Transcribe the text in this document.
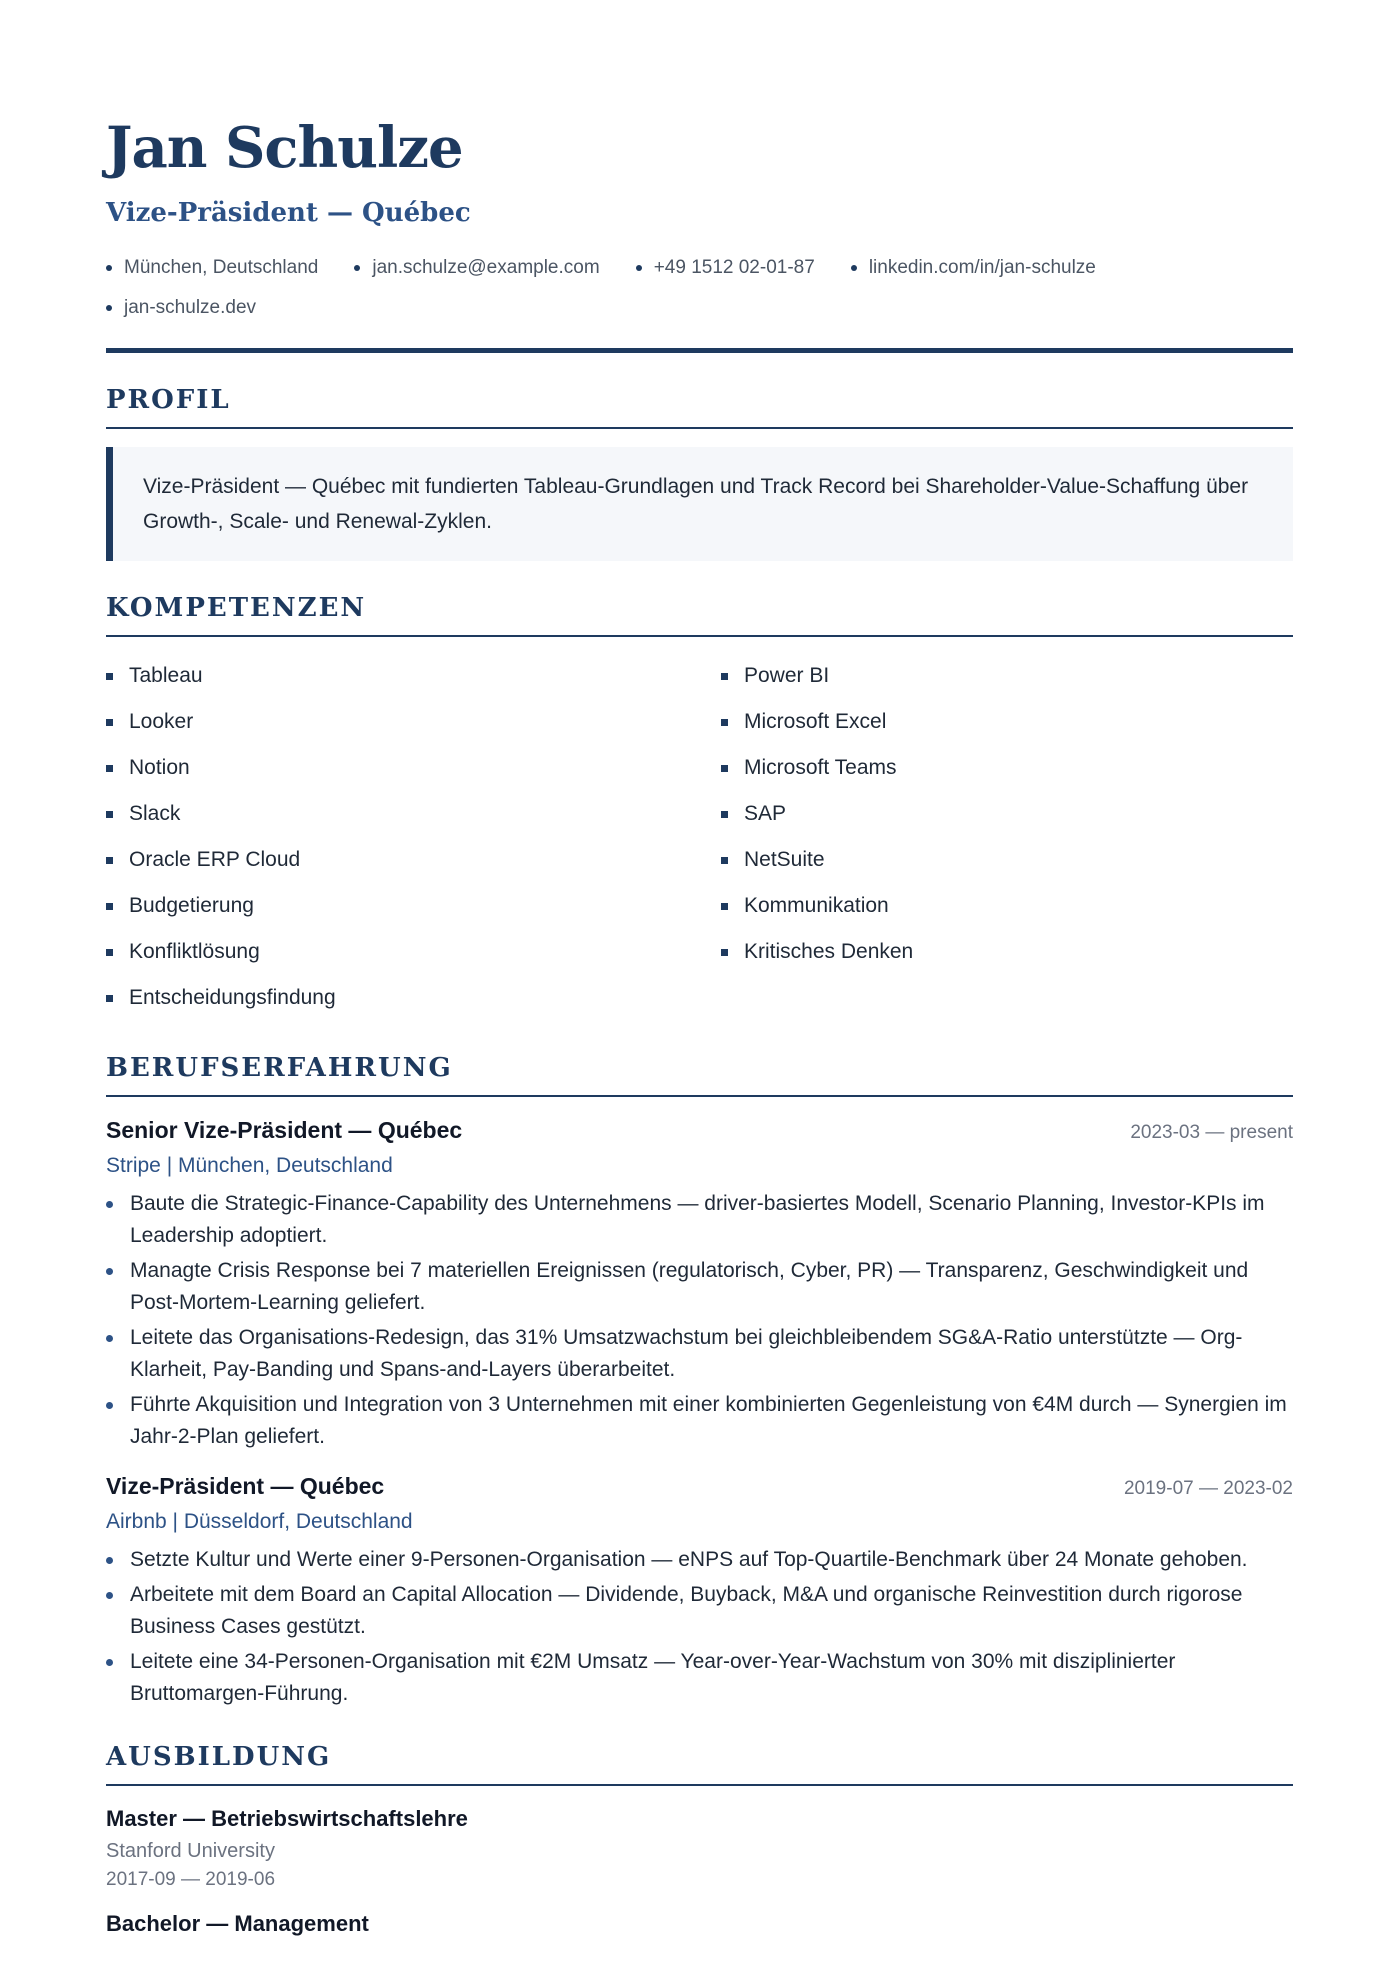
Jan Schulze
Vize-Präsident — Québec
München, Deutschland	jan.schulze@example.com	+49 1512 02-01-87	linkedin.com/in/jan-schulze
jan-schulze.dev
PROFIL
Vize-Präsident — Québec mit fundierten Tableau-Grundlagen und Track Record bei Shareholder-Value-Schaffung über Growth-, Scale- und Renewal-Zyklen.
KOMPETENZEN
Tableau	Power BI
Looker	Microsoft Excel
Notion	Microsoft Teams
Slack	SAP
Oracle ERP Cloud	NetSuite
Budgetierung	Kommunikation
Konfliktlösung	Kritisches Denken
Entscheidungsfindung
BERUFSERFAHRUNG
Senior Vize-Präsident — Québec	2023-03 — present
Stripe | München, Deutschland
Baute die Strategic-Finance-Capability des Unternehmens — driver-basiertes Modell, Scenario Planning, Investor-KPIs im Leadership adoptiert.
Managte Crisis Response bei 7 materiellen Ereignissen (regulatorisch, Cyber, PR) — Transparenz, Geschwindigkeit und Post-Mortem-Learning geliefert.
Leitete das Organisations-Redesign, das 31% Umsatzwachstum bei gleichbleibendem SG&A-Ratio unterstützte — Org-Klarheit, Pay-Banding und Spans-and-Layers überarbeitet.
Führte Akquisition und Integration von 3 Unternehmen mit einer kombinierten Gegenleistung von €4M durch — Synergien im Jahr-2-Plan geliefert.
Vize-Präsident — Québec	2019-07 — 2023-02
Airbnb | Düsseldorf, Deutschland
Setzte Kultur und Werte einer 9-Personen-Organisation — eNPS auf Top-Quartile-Benchmark über 24 Monate gehoben.
Arbeitete mit dem Board an Capital Allocation — Dividende, Buyback, M&A und organische Reinvestition durch rigorose Business Cases gestützt.
Leitete eine 34-Personen-Organisation mit €2M Umsatz — Year-over-Year-Wachstum von 30% mit disziplinierter Bruttomargen-Führung.
AUSBILDUNG
Master — Betriebswirtschaftslehre
Stanford University
2017-09 — 2019-06
Bachelor — Management
